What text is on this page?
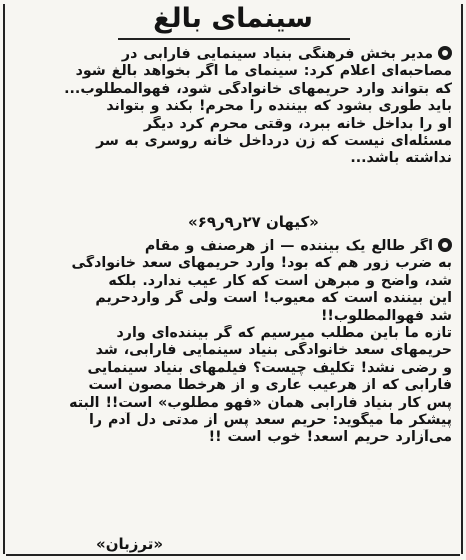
سینمای بالغ
مدیر بخش فرهنگی بنیاد سینمایی فارابی در
مصاحبه‌ای اعلام کرد: سینمای ما اگر بخواهد بالغ شود
که بتواند وارد حریمهای خانوادگی شود، فهو‌المطلوب...
باید طوری بشود که بیننده را محرم! بکند و بتواند
او را بداخل خانه ببرد، وقتی محرم کرد دیگر
مسئله‌ای نیست که زن درداخل خانه روسری به سر
نداشته باشد...
«کیهان ۲۷ر۹ر۶۹»
اگر طالع یک بیننده — از هرصنف و مقام
به ضرب زور هم که بود! وارد حریمهای سعد خانوادگی
شد، واضح و مبرهن است که کار عیب ندارد. بلکه
این بیننده است که معیوب! است ولی گر واردحریم
شد فهو‌المطلوب!!
تازه ما باین مطلب میرسیم که گر بیننده‌ای وارد
حریمهای سعد خانوادگی بنیاد سینمایی فارابی، شد
و رضی نشد! تکلیف چیست؟ فیلمهای بنیاد سینمایی
فارابی که از هرعیب عاری و از هرخطا مصون است
پس کار بنیاد فارابی همان «فهو مطلوب» است!! البته
پیشکر ما میگوید: حریم سعد پس از مدتی دل آدم را
می‌آزارد حریم اسعد! خوب است !!
«ترزبان»
